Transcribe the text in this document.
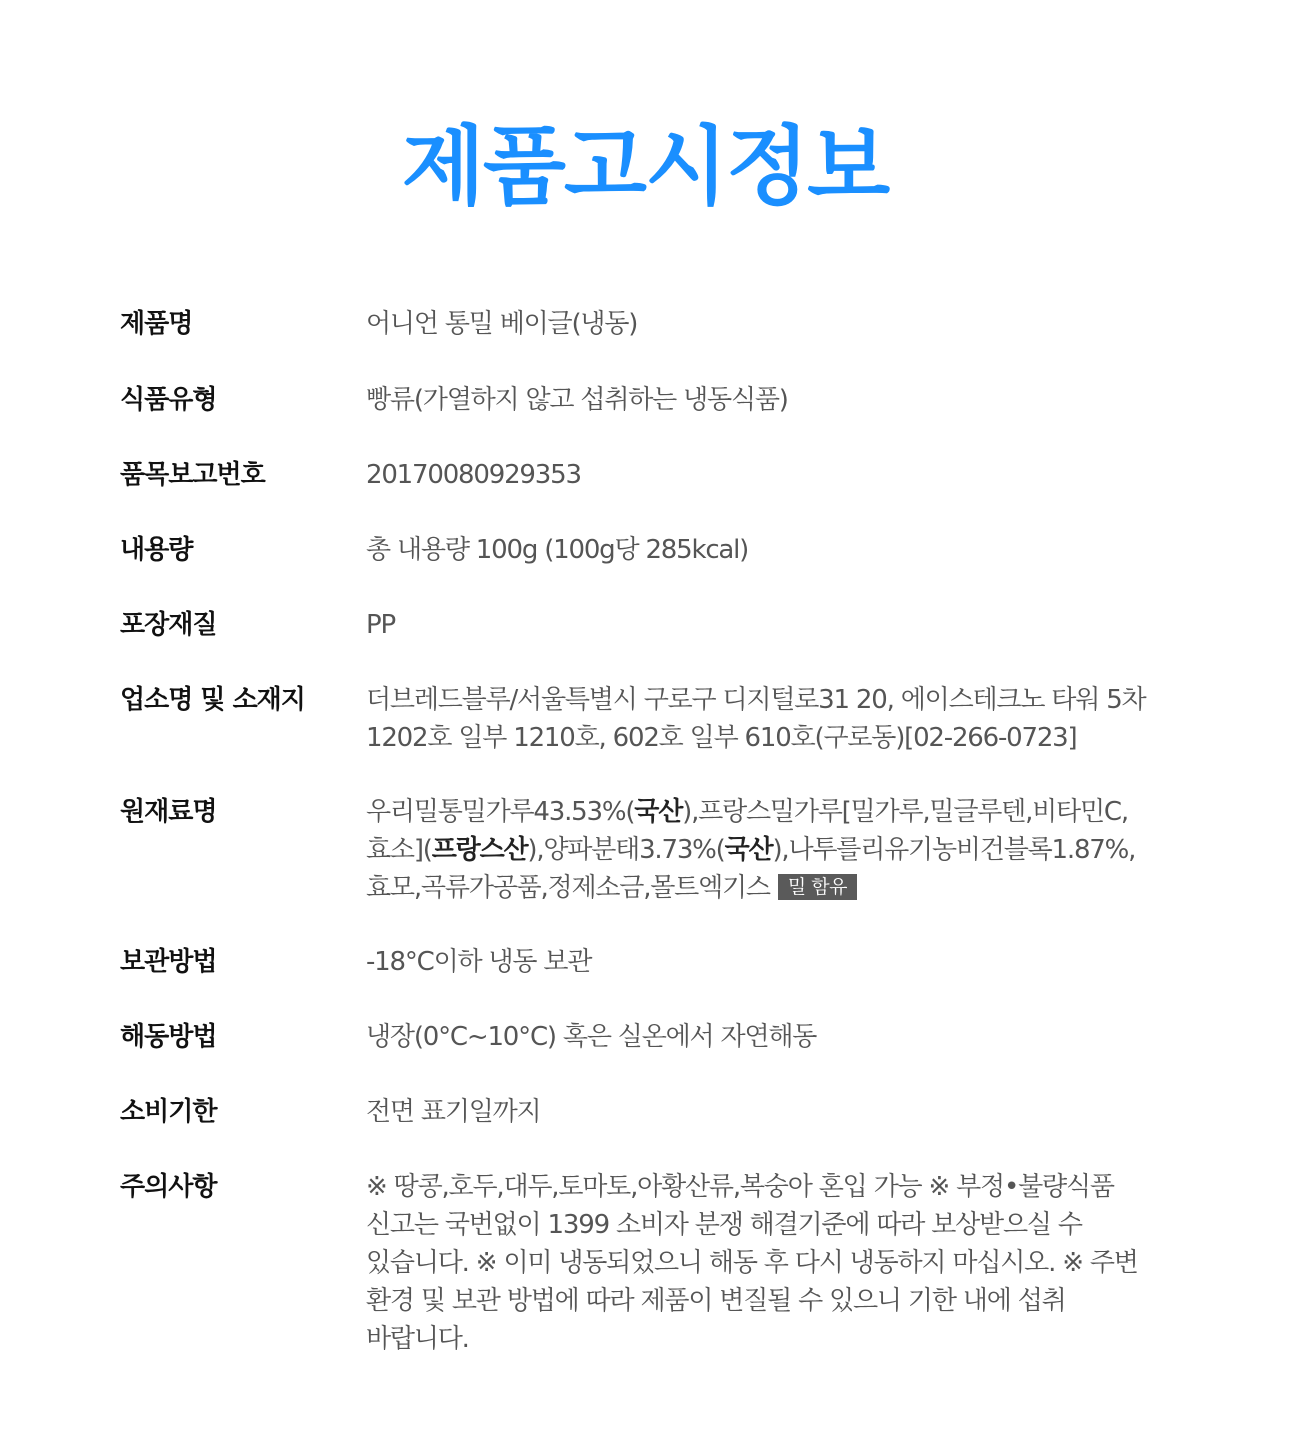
제품고시정보
제품명	어니언 통밀 베이글(냉동)
식품유형	빵류(가열하지 않고 섭취하는 냉동식품)
품목보고번호	20170080929353
내용량	총 내용량 100g (100g당 285kcal)
포장재질	PP
업소명 및 소재지	더브레드블루/서울특별시 구로구 디지털로31 20, 에이스테크노 타워 5차 1202호 일부 1210호, 602호 일부 610호(구로동)[02-266-0723]
원재료명	우리밀통밀가루43.53%(국산),프랑스밀가루[밀가루,밀글루텐,비타민C,효소](프랑스산),양파분태3.73%(국산),나투를리유기농비건블록1.87%,효모,곡류가공품,정제소금,몰트엑기스 밀 함유
보관방법	-18°C이하 냉동 보관
해동방법	냉장(0°C~10°C) 혹은 실온에서 자연해동
소비기한	전면 표기일까지
주의사항	※ 땅콩,호두,대두,토마토,아황산류,복숭아 혼입 가능 ※ 부정•불량식품 신고는 국번없이 1399 소비자 분쟁 해결기준에 따라 보상받으실 수 있습니다. ※ 이미 냉동되었으니 해동 후 다시 냉동하지 마십시오. ※ 주변 환경 및 보관 방법에 따라 제품이 변질될 수 있으니 기한 내에 섭취 바랍니다.
